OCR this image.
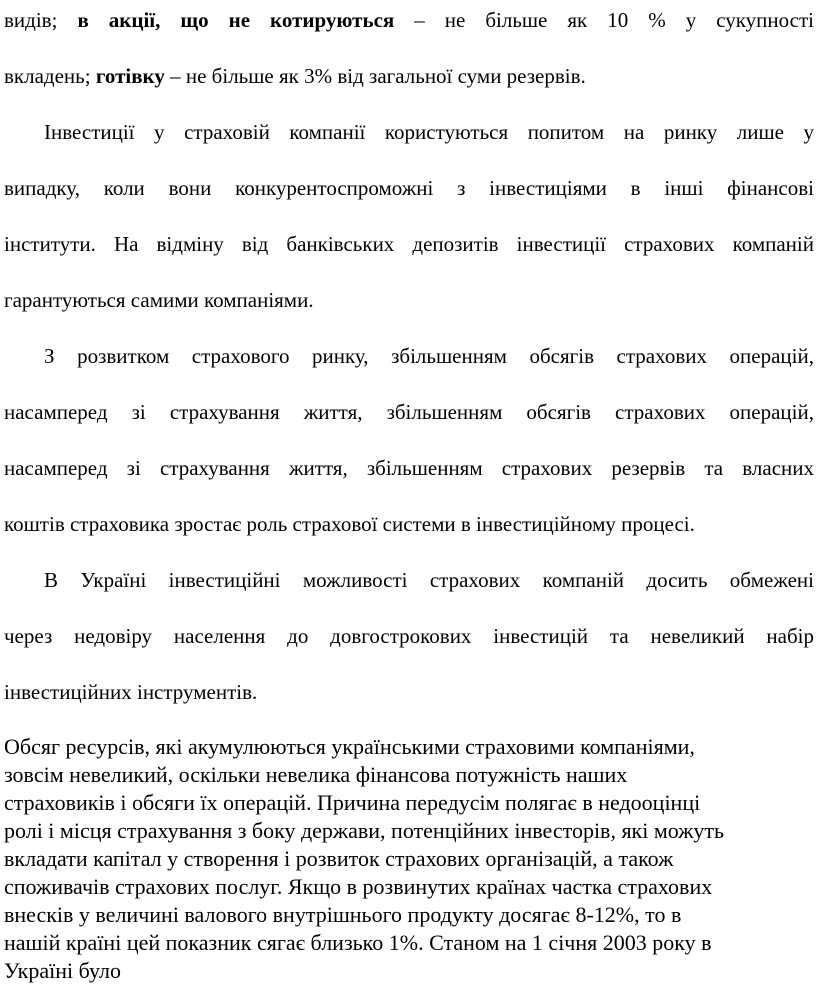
видів; в акції, що не котируються – не більше як 10 % у сукупності
вкладень; готівку – не більше як 3% від загальної суми резервів.
Інвестиції у страховій компанії користуються попитом на ринку лише у
випадку, коли вони конкурентоспроможні з інвестиціями в інші фінансові
інститути. На відміну від банківських депозитів інвестиції страхових компаній
гарантуються самими компаніями.
З розвитком страхового ринку, збільшенням обсягів страхових операцій,
насамперед зі страхування життя, збільшенням обсягів страхових операцій,
насамперед зі страхування життя, збільшенням страхових резервів та власних
коштів страховика зростає роль страхової системи в інвестиційному процесі.
В Україні інвестиційні можливості страхових компаній досить обмежені
через недовіру населення до довгострокових інвестицій та невеликий набір
інвестиційних інструментів.
Обсяг ресурсів, які акумулюються українськими страховими компаніями,
зовсім невеликий, оскільки невелика фінансова потужність наших
страховиків і обсяги їх операцій. Причина передусім полягає в недооцінці
ролі і місця страхування з боку держави, потенційних інвесторів, які можуть
вкладати капітал у створення і розвиток страхових організацій, а також
споживачів страхових послуг. Якщо в розвинутих країнах частка страхових
внесків у величині валового внутрішнього продукту досягає 8-12%, то в
нашій країні цей показник сягає близько 1%. Станом на 1 січня 2003 року в
Україні було
